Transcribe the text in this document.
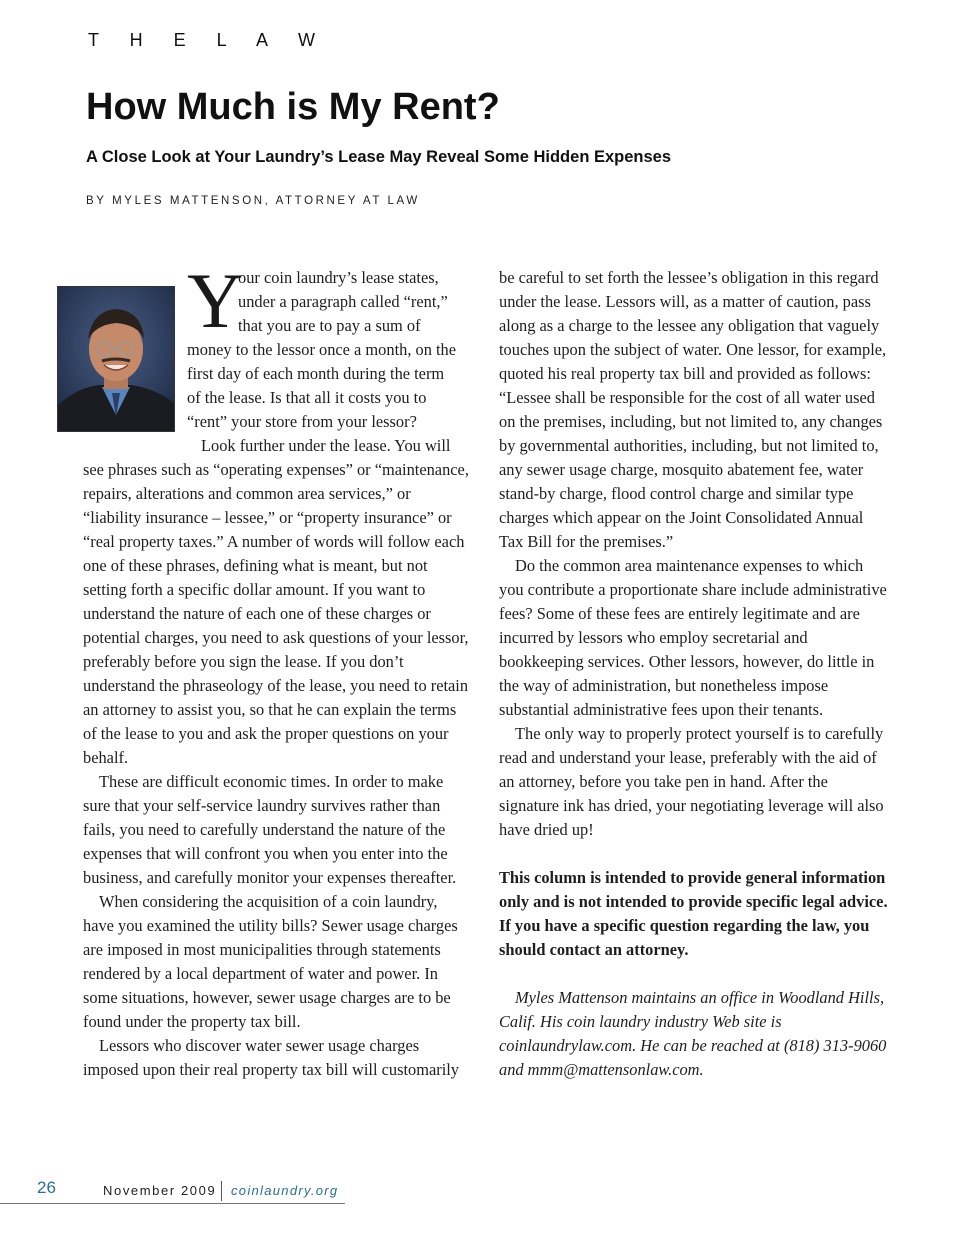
T H E L A W
How Much is My Rent?
A Close Look at Your Laundry’s Lease May Reveal Some Hidden Expenses
BY MYLES MATTENSON, ATTORNEY AT LAW
Y
our coin laundry’s lease states,
under a paragraph called “rent,”
that you are to pay a sum of
money to the lessor once a month, on the
first day of each month during the term
of the lease. Is that all it costs you to
“rent” your store from your lessor?
Look further under the lease. You will

see phrases such as “operating expenses” or “maintenance, repairs, alterations and common area services,” or “liability insurance – lessee,” or “property insurance” or “real property taxes.” A number of words will follow each one of these phrases, defining what is meant, but not setting forth a specific dollar amount. If you want to understand the nature of each one of these charges or potential charges, you need to ask questions of your lessor, preferably before you sign the lease. If you don’t understand the phraseology of the lease, you need to retain an attorney to assist you, so that he can explain the terms of the lease to you and ask the proper questions on your behalf.

These are difficult economic times. In order to make sure that your self-service laundry survives rather than fails, you need to carefully understand the nature of the expenses that will confront you when you enter into the business, and carefully monitor your expenses thereafter.

When considering the acquisition of a coin laundry, have you examined the utility bills? Sewer usage charges are imposed in most municipalities through statements rendered by a local department of water and power. In some situations, however, sewer usage charges are to be found under the property tax bill.

Lessors who discover water sewer usage charges imposed upon their real property tax bill will customarily

be careful to set forth the lessee’s obligation in this regard under the lease. Lessors will, as a matter of caution, pass along as a charge to the lessee any obligation that vaguely touches upon the subject of water. One lessor, for example, quoted his real property tax bill and provided as follows: “Lessee shall be responsible for the cost of all water used on the premises, including, but not limited to, any changes by governmental authorities, including, but not limited to, any sewer usage charge, mosquito abatement fee, water stand-by charge, flood control charge and similar type charges which appear on the Joint Consolidated Annual Tax Bill for the premises.”

Do the common area maintenance expenses to which you contribute a proportionate share include administrative fees? Some of these fees are entirely legitimate and are incurred by lessors who employ secretarial and bookkeeping services. Other lessors, however, do little in the way of administration, but nonetheless impose substantial administrative fees upon their tenants.

The only way to properly protect yourself is to carefully read and understand your lease, preferably with the aid of an attorney, before you take pen in hand. After the signature ink has dried, your negotiating leverage will also have dried up!

This column is intended to provide general information only and is not intended to provide specific legal advice. If you have a specific question regarding the law, you should contact an attorney.

Myles Mattenson maintains an office in Woodland Hills, Calif. His coin laundry industry Web site is coinlaundrylaw.com. He can be reached at (818) 313-9060 and mmm@mattensonlaw.com.

26	November 2009 coinlaundry.org
